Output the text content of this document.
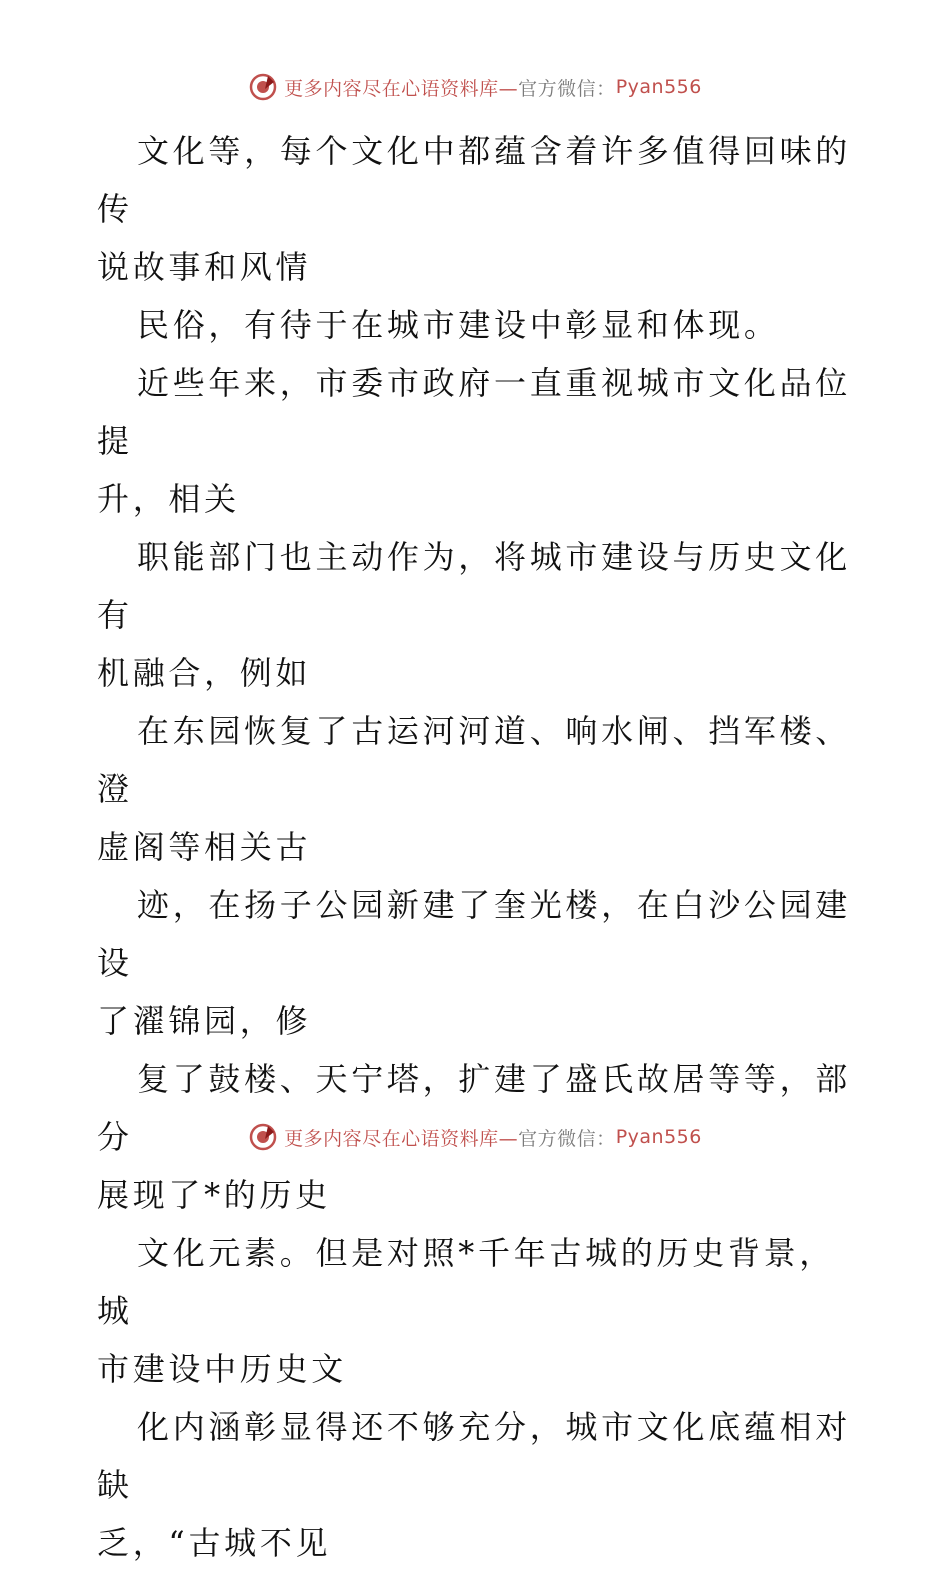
更多内容尽在心语资料库— 官方微信： Pyan556

文化等，每个文化中都蕴含着许多值得回味的传
说故事和风情

民俗，有待于在城市建设中彰显和体现。

近些年来，市委市政府一直重视城市文化品位提
升，相关

职能部门也主动作为，将城市建设与历史文化有
机融合，例如

在东园恢复了古运河河道、响水闸、挡军楼、澄
虚阁等相关古

迹，在扬子公园新建了奎光楼，在白沙公园建设
了濯锦园，修

复了鼓楼、天宁塔，扩建了盛氏故居等等，部分
展现了*的历史

文化元素。但是对照*千年古城的历史背景，城
市建设中历史文

化内涵彰显得还不够充分，城市文化底蕴相对缺
乏，“古城不见

更多内容尽在心语资料库— 官方微信： Pyan556
